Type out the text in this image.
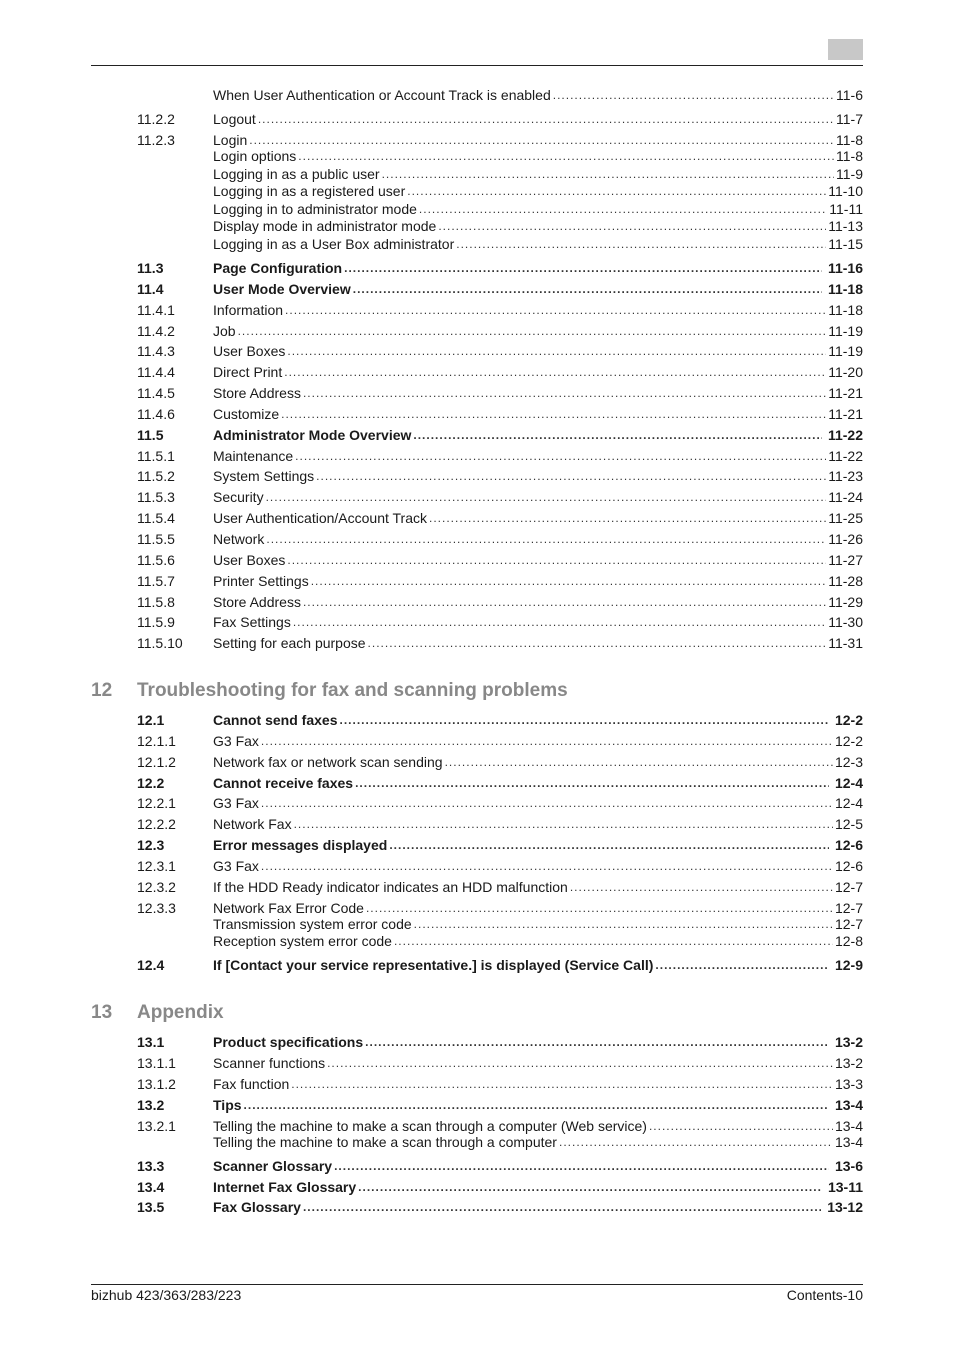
12	Troubleshooting for fax and scanning problems
13	Appendix
When User Authentication or Account Track is enabled .....	11-6
11.2.2	Logout .....	11-7
11.2.3	Login .....	11-8
Login options .....	11-8
Logging in as a public user .....	11-9
Logging in as a registered user .....	11-10
Logging in to administrator mode .....	11-11
Display mode in administrator mode .....	11-13
Logging in as a User Box administrator .....	11-15
11.3	Page Configuration .....	11-16
11.4	User Mode Overview .....	11-18
11.4.1	Information .....	11-18
11.4.2	Job .....	11-19
11.4.3	User Boxes .....	11-19
11.4.4	Direct Print .....	11-20
11.4.5	Store Address .....	11-21
11.4.6	Customize .....	11-21
11.5	Administrator Mode Overview .....	11-22
11.5.1	Maintenance .....	11-22
11.5.2	System Settings .....	11-23
11.5.3	Security .....	11-24
11.5.4	User Authentication/Account Track .....	11-25
11.5.5	Network .....	11-26
11.5.6	User Boxes .....	11-27
11.5.7	Printer Settings .....	11-28
11.5.8	Store Address .....	11-29
11.5.9	Fax Settings .....	11-30
11.5.10	Setting for each purpose .....	11-31
12.1	Cannot send faxes .....	12-2
12.1.1	G3 Fax .....	12-2
12.1.2	Network fax or network scan sending .....	12-3
12.2	Cannot receive faxes .....	12-4
12.2.1	G3 Fax .....	12-4
12.2.2	Network Fax .....	12-5
12.3	Error messages displayed .....	12-6
12.3.1	G3 Fax .....	12-6
12.3.2	If the HDD Ready indicator indicates an HDD malfunction .....	12-7
12.3.3	Network Fax Error Code .....	12-7
Transmission system error code .....	12-7
Reception system error code .....	12-8
12.4	If [Contact your service representative.] is displayed (Service Call) .....	12-9
13.1	Product specifications .....	13-2
13.1.1	Scanner functions .....	13-2
13.1.2	Fax function .....	13-3
13.2	Tips .....	13-4
13.2.1	Telling the machine to make a scan through a computer (Web service) .....	13-4
Telling the machine to make a scan through a computer .....	13-4
13.3	Scanner Glossary .....	13-6
13.4	Internet Fax Glossary .....	13-11
13.5	Fax Glossary .....	13-12
bizhub 423/363/283/223	Contents-10
